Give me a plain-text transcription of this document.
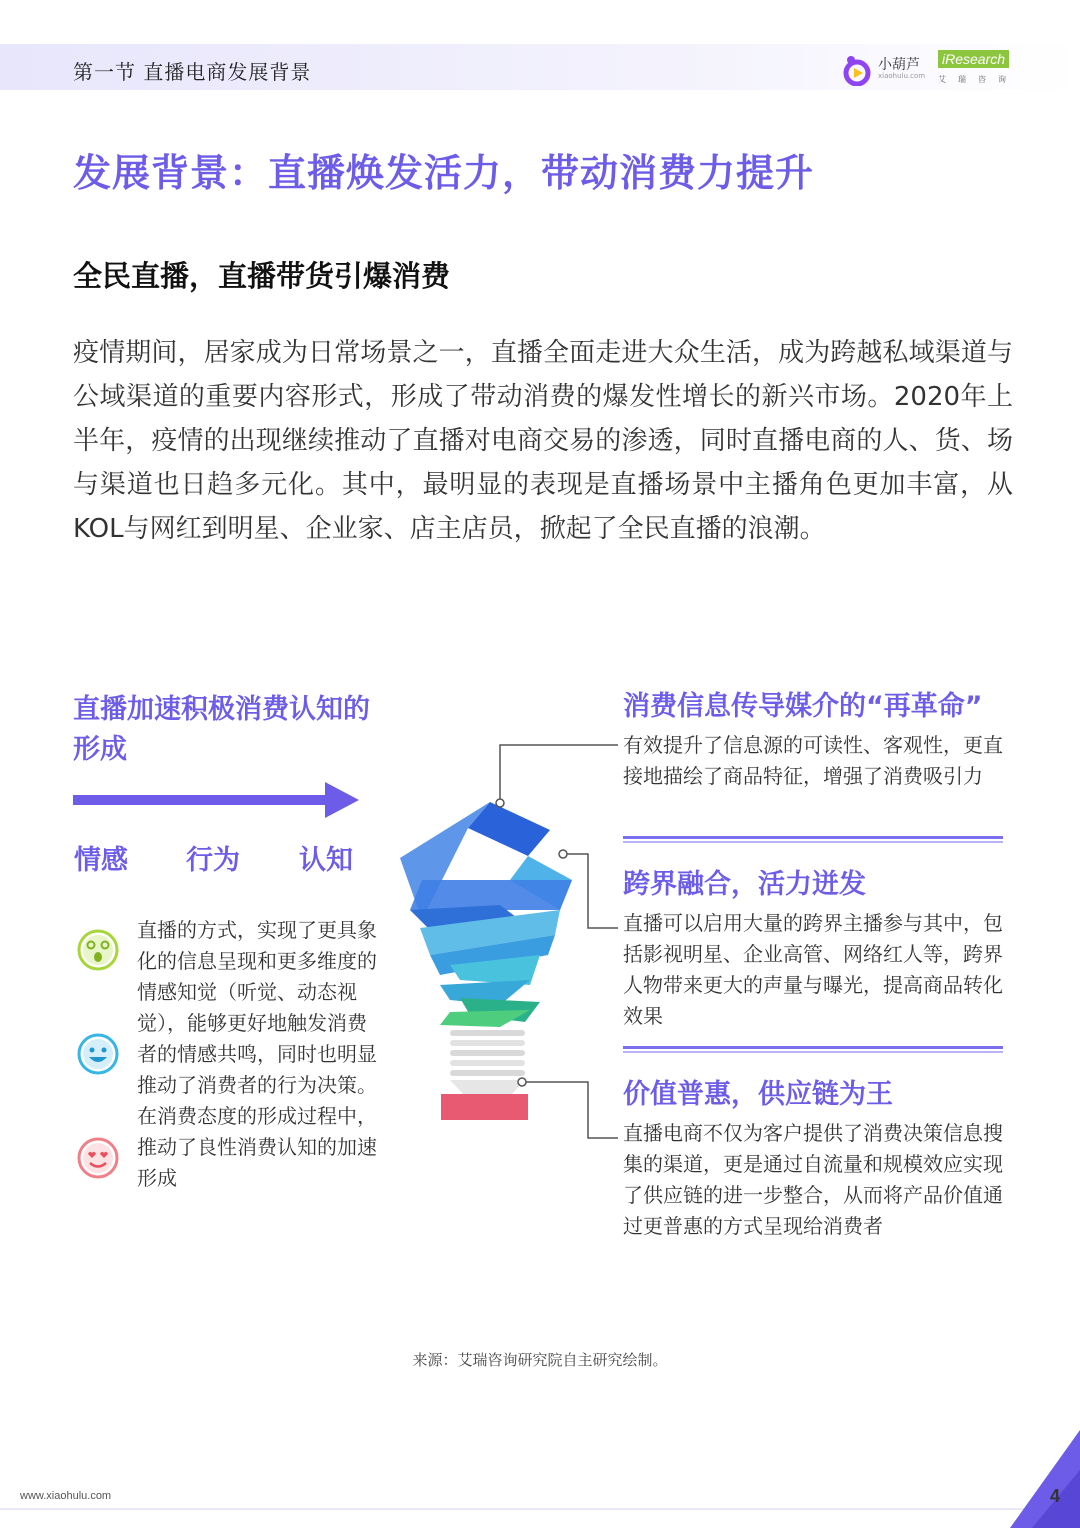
第一节 直播电商发展背景	小葫芦
xiaohulu.com
iResearch
艾瑞咨询
发展背景：直播焕发活力，带动消费力提升
全民直播，直播带货引爆消费
疫情期间，居家成为日常场景之一，直播全面走进大众生活，成为跨越私域渠道与公域渠道的重要内容形式，形成了带动消费的爆发性增长的新兴市场。2020年上半年，疫情的出现继续推动了直播对电商交易的渗透，同时直播电商的人、货、场与渠道也日趋多元化。其中，最明显的表现是直播场景中主播角色更加丰富，从KOL与网红到明星、企业家、店主店员，掀起了全民直播的浪潮。
直播加速积极消费认知的形成
情感 行为 认知
直播的方式，实现了更具象化的信息呈现和更多维度的情感知觉（听觉、动态视觉），能够更好地触发消费者的情感共鸣，同时也明显推动了消费者的行为决策。在消费态度的形成过程中，推动了良性消费认知的加速形成
消费信息传导媒介的“再革命”
有效提升了信息源的可读性、客观性，更直接地描绘了商品特征，增强了消费吸引力
跨界融合，活力迸发
直播可以启用大量的跨界主播参与其中，包括影视明星、企业高管、网络红人等，跨界人物带来更大的声量与曝光，提高商品转化效果
价值普惠，供应链为王
直播电商不仅为客户提供了消费决策信息搜集的渠道，更是通过自流量和规模效应实现了供应链的进一步整合，从而将产品价值通过更普惠的方式呈现给消费者
来源：艾瑞咨询研究院自主研究绘制。
www.xiaohulu.com	4
